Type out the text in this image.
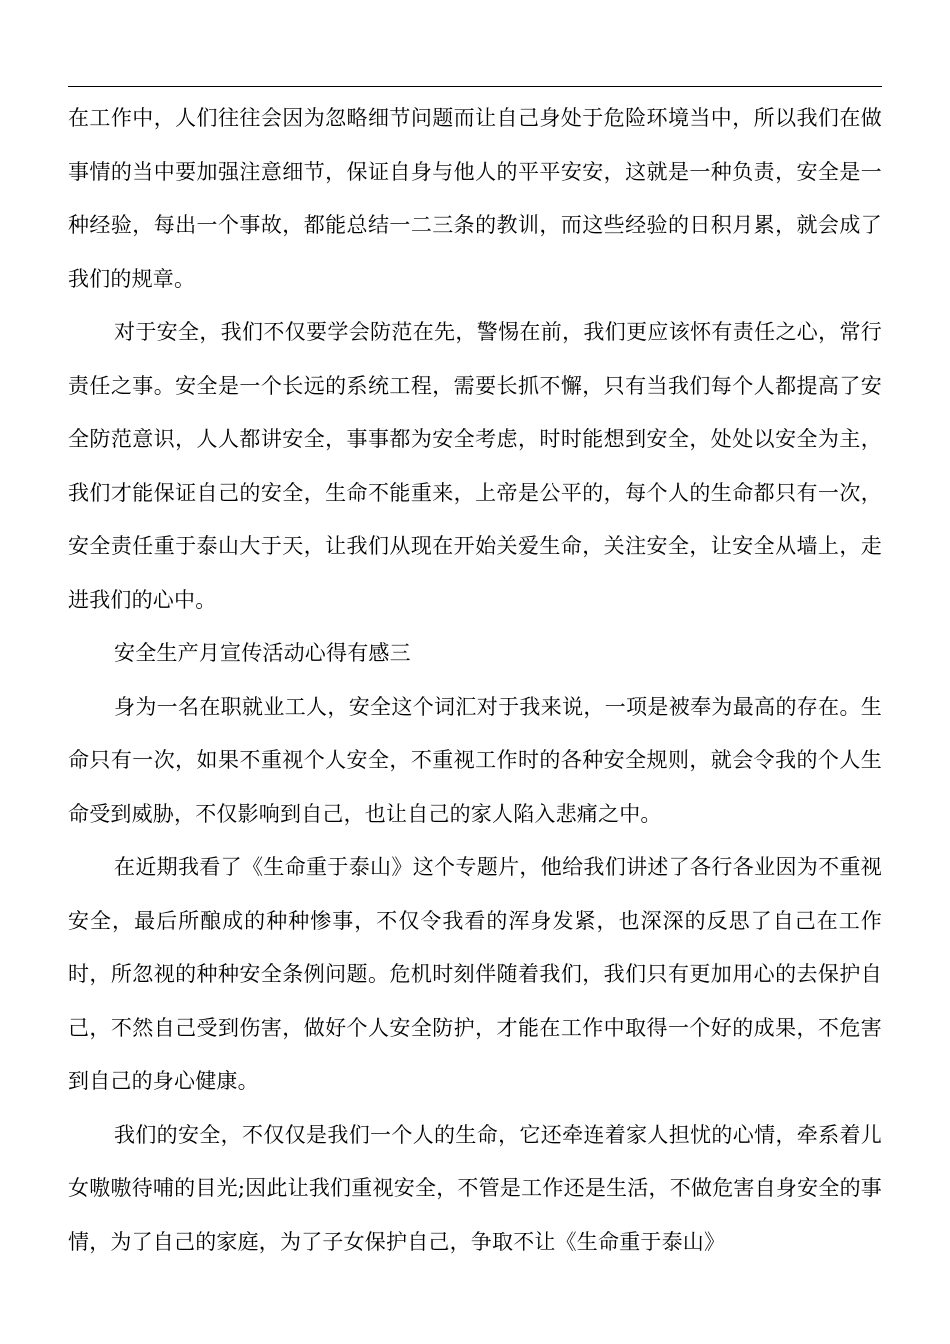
在工作中，人们往往会因为忽略细节问题而让自己身处于危险环境当中，所以我们在做事情的当中要加强注意细节，保证自身与他人的平平安安，这就是一种负责，安全是一种经验，每出一个事故，都能总结一二三条的教训，而这些经验的日积月累，就会成了我们的规章。

对于安全，我们不仅要学会防范在先，警惕在前，我们更应该怀有责任之心，常行责任之事。安全是一个长远的系统工程，需要长抓不懈，只有当我们每个人都提高了安全防范意识，人人都讲安全，事事都为安全考虑，时时能想到安全，处处以安全为主，我们才能保证自己的安全，生命不能重来，上帝是公平的，每个人的生命都只有一次，安全责任重于泰山大于天，让我们从现在开始关爱生命，关注安全，让安全从墙上，走进我们的心中。

安全生产月宣传活动心得有感三

身为一名在职就业工人，安全这个词汇对于我来说，一项是被奉为最高的存在。生命只有一次，如果不重视个人安全，不重视工作时的各种安全规则，就会令我的个人生命受到威胁，不仅影响到自己，也让自己的家人陷入悲痛之中。

在近期我看了《生命重于泰山》这个专题片，他给我们讲述了各行各业因为不重视安全，最后所酿成的种种惨事，不仅令我看的浑身发紧，也深深的反思了自己在工作时，所忽视的种种安全条例问题。危机时刻伴随着我们，我们只有更加用心的去保护自己，不然自己受到伤害，做好个人安全防护，才能在工作中取得一个好的成果，不危害到自己的身心健康。

我们的安全，不仅仅是我们一个人的生命，它还牵连着家人担忧的心情，牵系着儿女嗷嗷待哺的目光;因此让我们重视安全，不管是工作还是生活，不做危害自身安全的事情，为了自己的家庭，为了子女保护自己，争取不让《生命重于泰山》
